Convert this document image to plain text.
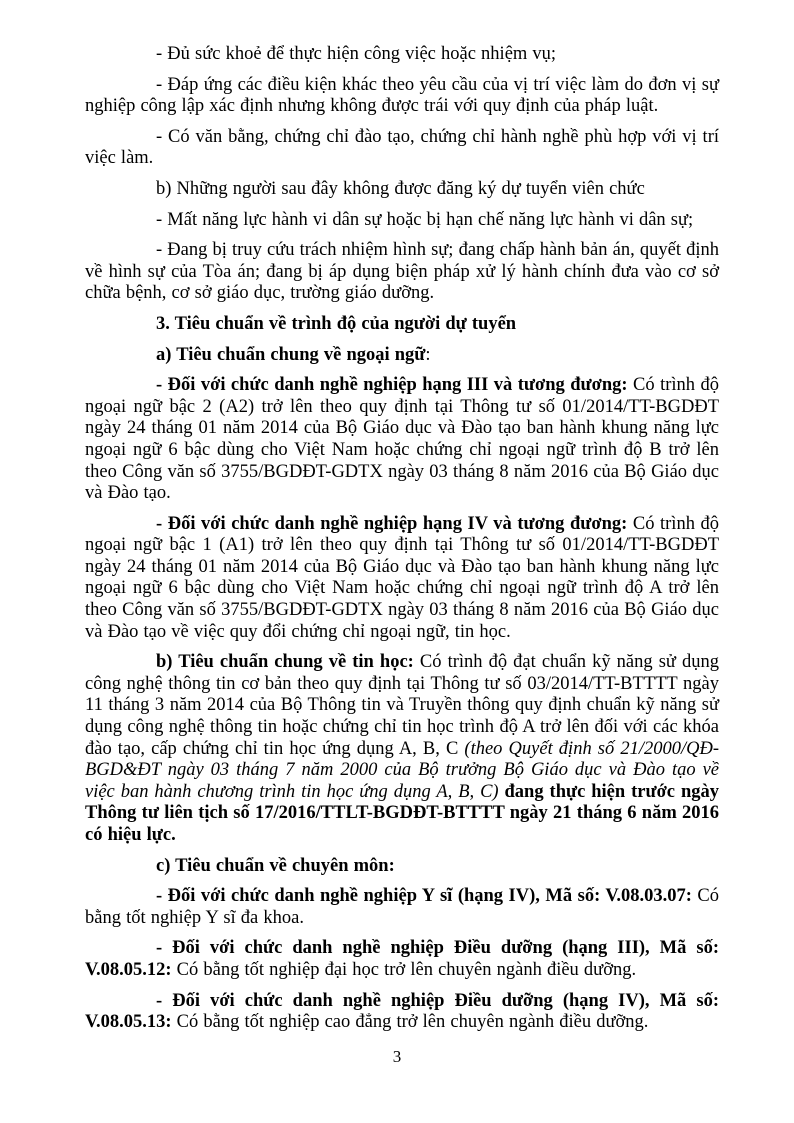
- Đủ sức khoẻ để thực hiện công việc hoặc nhiệm vụ;

- Đáp ứng các điều kiện khác theo yêu cầu của vị trí việc làm do đơn vị sự nghiệp công lập xác định nhưng không được trái với quy định của pháp luật.

- Có văn bằng, chứng chỉ đào tạo, chứng chỉ hành nghề phù hợp với vị trí việc làm.

b) Những người sau đây không được đăng ký dự tuyển viên chức

- Mất năng lực hành vi dân sự hoặc bị hạn chế năng lực hành vi dân sự;

- Đang bị truy cứu trách nhiệm hình sự; đang chấp hành bản án, quyết định về hình sự của Tòa án; đang bị áp dụng biện pháp xử lý hành chính đưa vào cơ sở chữa bệnh, cơ sở giáo dục, trường giáo dưỡng.

3. Tiêu chuẩn về trình độ của người dự tuyển

a) Tiêu chuẩn chung về ngoại ngữ:

- Đối với chức danh nghề nghiệp hạng III và tương đương: Có trình độ ngoại ngữ bậc 2 (A2) trở lên theo quy định tại Thông tư số 01/2014/TT-BGDĐT ngày 24 tháng 01 năm 2014 của Bộ Giáo dục và Đào tạo ban hành khung năng lực ngoại ngữ 6 bậc dùng cho Việt Nam hoặc chứng chỉ ngoại ngữ trình độ B trở lên theo Công văn số 3755/BGDĐT-GDTX ngày 03 tháng 8 năm 2016 của Bộ Giáo dục và Đào tạo.

- Đối với chức danh nghề nghiệp hạng IV và tương đương: Có trình độ ngoại ngữ bậc 1 (A1) trở lên theo quy định tại Thông tư số 01/2014/TT-BGDĐT ngày 24 tháng 01 năm 2014 của Bộ Giáo dục và Đào tạo ban hành khung năng lực ngoại ngữ 6 bậc dùng cho Việt Nam hoặc chứng chỉ ngoại ngữ trình độ A trở lên theo Công văn số 3755/BGDĐT-GDTX ngày 03 tháng 8 năm 2016 của Bộ Giáo dục và Đào tạo về việc quy đổi chứng chỉ ngoại ngữ, tin học.

b) Tiêu chuẩn chung về tin học: Có trình độ đạt chuẩn kỹ năng sử dụng công nghệ thông tin cơ bản theo quy định tại Thông tư số 03/2014/TT-BTTTT ngày 11 tháng 3 năm 2014 của Bộ Thông tin và Truyền thông quy định chuẩn kỹ năng sử dụng công nghệ thông tin hoặc chứng chỉ tin học trình độ A trở lên đối với các khóa đào tạo, cấp chứng chỉ tin học ứng dụng A, B, C (theo Quyết định số 21/2000/QĐ-BGD&ĐT ngày 03 tháng 7 năm 2000 của Bộ trưởng Bộ Giáo dục và Đào tạo về việc ban hành chương trình tin học ứng dụng A, B, C) đang thực hiện trước ngày Thông tư liên tịch số 17/2016/TTLT-BGDĐT-BTTTT ngày 21 tháng 6 năm 2016 có hiệu lực.

c) Tiêu chuẩn về chuyên môn:

- Đối với chức danh nghề nghiệp Y sĩ (hạng IV), Mã số: V.08.03.07: Có bằng tốt nghiệp Y sĩ đa khoa.

- Đối với chức danh nghề nghiệp Điều dưỡng (hạng III), Mã số: V.08.05.12: Có bằng tốt nghiệp đại học trở lên chuyên ngành điều dưỡng.

- Đối với chức danh nghề nghiệp Điều dưỡng (hạng IV), Mã số: V.08.05.13: Có bằng tốt nghiệp cao đẳng trở lên chuyên ngành điều dưỡng.

3
